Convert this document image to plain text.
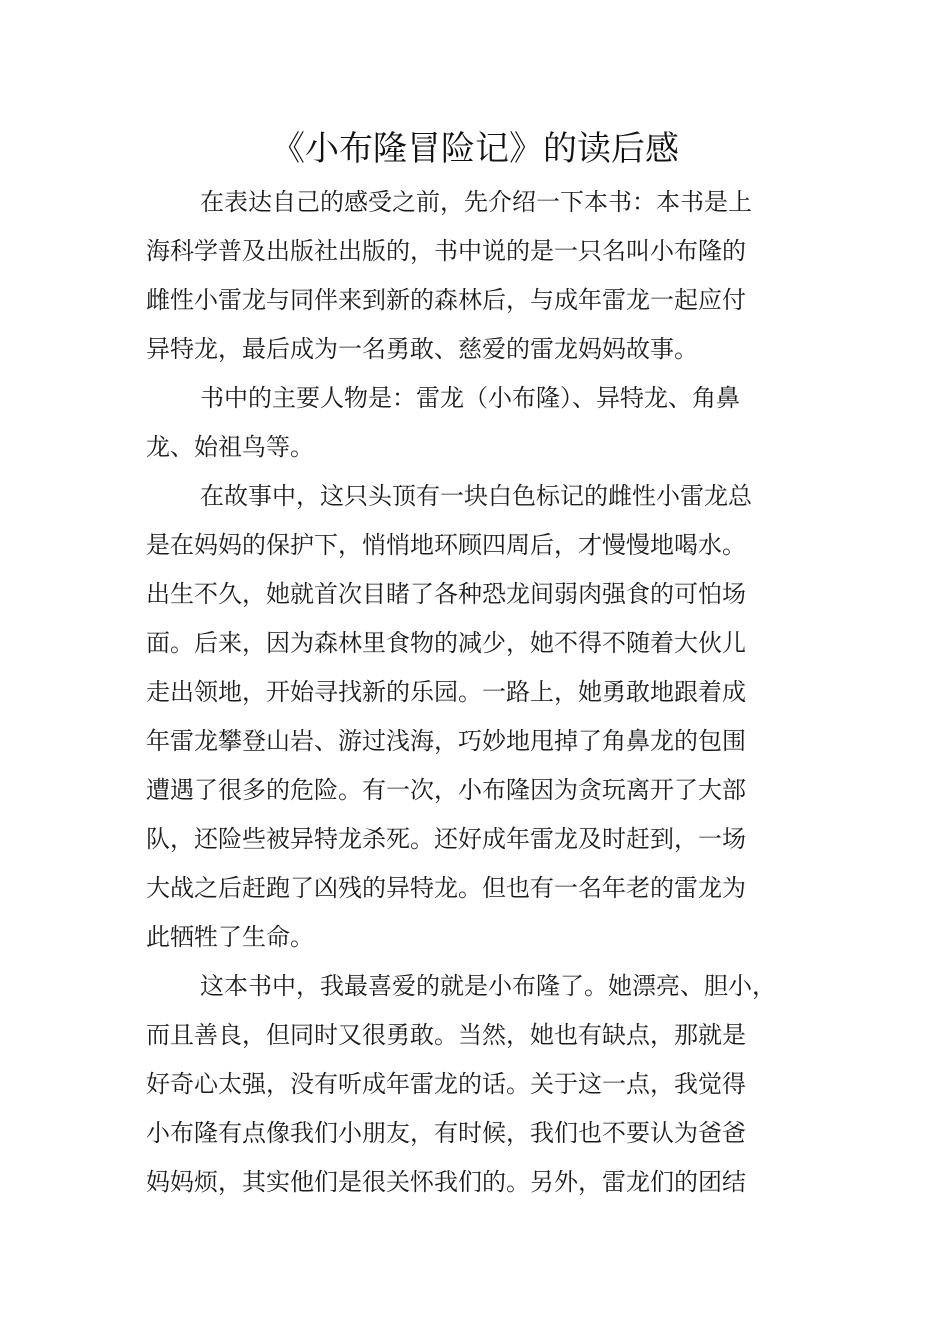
《小布隆冒险记》的读后感
在表达自己的感受之前，先介绍一下本书：本书是上
海科学普及出版社出版的，书中说的是一只名叫小布隆的
雌性小雷龙与同伴来到新的森林后，与成年雷龙一起应付
异特龙，最后成为一名勇敢、慈爱的雷龙妈妈故事。
书中的主要人物是：雷龙（小布隆）、异特龙、角鼻
龙、始祖鸟等。
在故事中，这只头顶有一块白色标记的雌性小雷龙总
是在妈妈的保护下，悄悄地环顾四周后，才慢慢地喝水。
出生不久，她就首次目睹了各种恐龙间弱肉强食的可怕场
面。后来，因为森林里食物的减少，她不得不随着大伙儿
走出领地，开始寻找新的乐园。一路上，她勇敢地跟着成
年雷龙攀登山岩、游过浅海，巧妙地甩掉了角鼻龙的包围
遭遇了很多的危险。有一次，小布隆因为贪玩离开了大部
队，还险些被异特龙杀死。还好成年雷龙及时赶到，一场
大战之后赶跑了凶残的异特龙。但也有一名年老的雷龙为
此牺牲了生命。
这本书中，我最喜爱的就是小布隆了。她漂亮、胆小，
而且善良，但同时又很勇敢。当然，她也有缺点，那就是
好奇心太强，没有听成年雷龙的话。关于这一点，我觉得
小布隆有点像我们小朋友，有时候，我们也不要认为爸爸
妈妈烦，其实他们是很关怀我们的。另外，雷龙们的团结
